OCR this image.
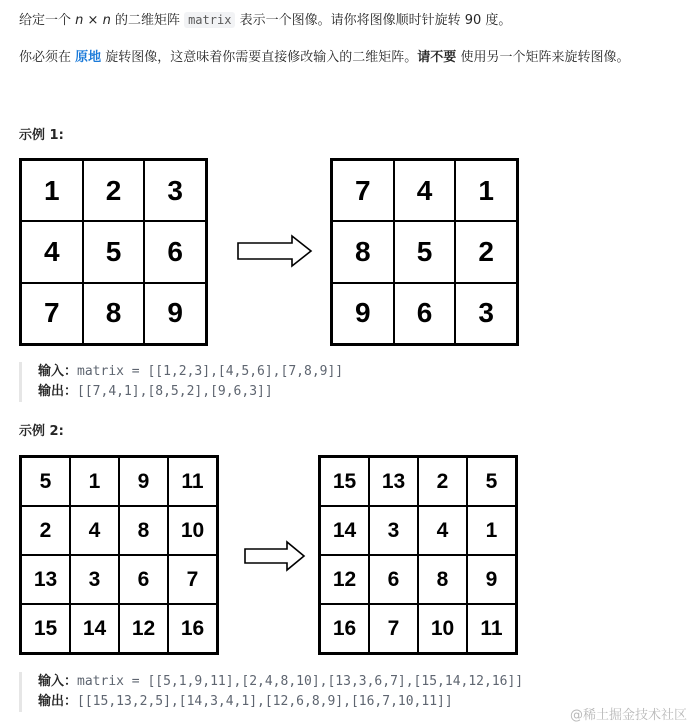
给定一个 n × n 的二维矩阵 matrix 表示一个图像。请你将图像顺时针旋转 90 度。
你必须在 原地 旋转图像，这意味着你需要直接修改输入的二维矩阵。请不要 使用另一个矩阵来旋转图像。
示例 1:
1	2	3
4	5	6
7	8	9
7	4	1
8	5	2
9	6	3
输入：matrix = [[1,2,3],[4,5,6],[7,8,9]]
输出：[[7,4,1],[8,5,2],[9,6,3]]
示例 2:
5	1	9	11
2	4	8	10
13	3	6	7
15	14	12	16
15	13	2	5
14	3	4	1
12	6	8	9
16	7	10	11
输入：matrix = [[5,1,9,11],[2,4,8,10],[13,3,6,7],[15,14,12,16]]
输出：[[15,13,2,5],[14,3,4,1],[12,6,8,9],[16,7,10,11]]
@稀土掘金技术社区
